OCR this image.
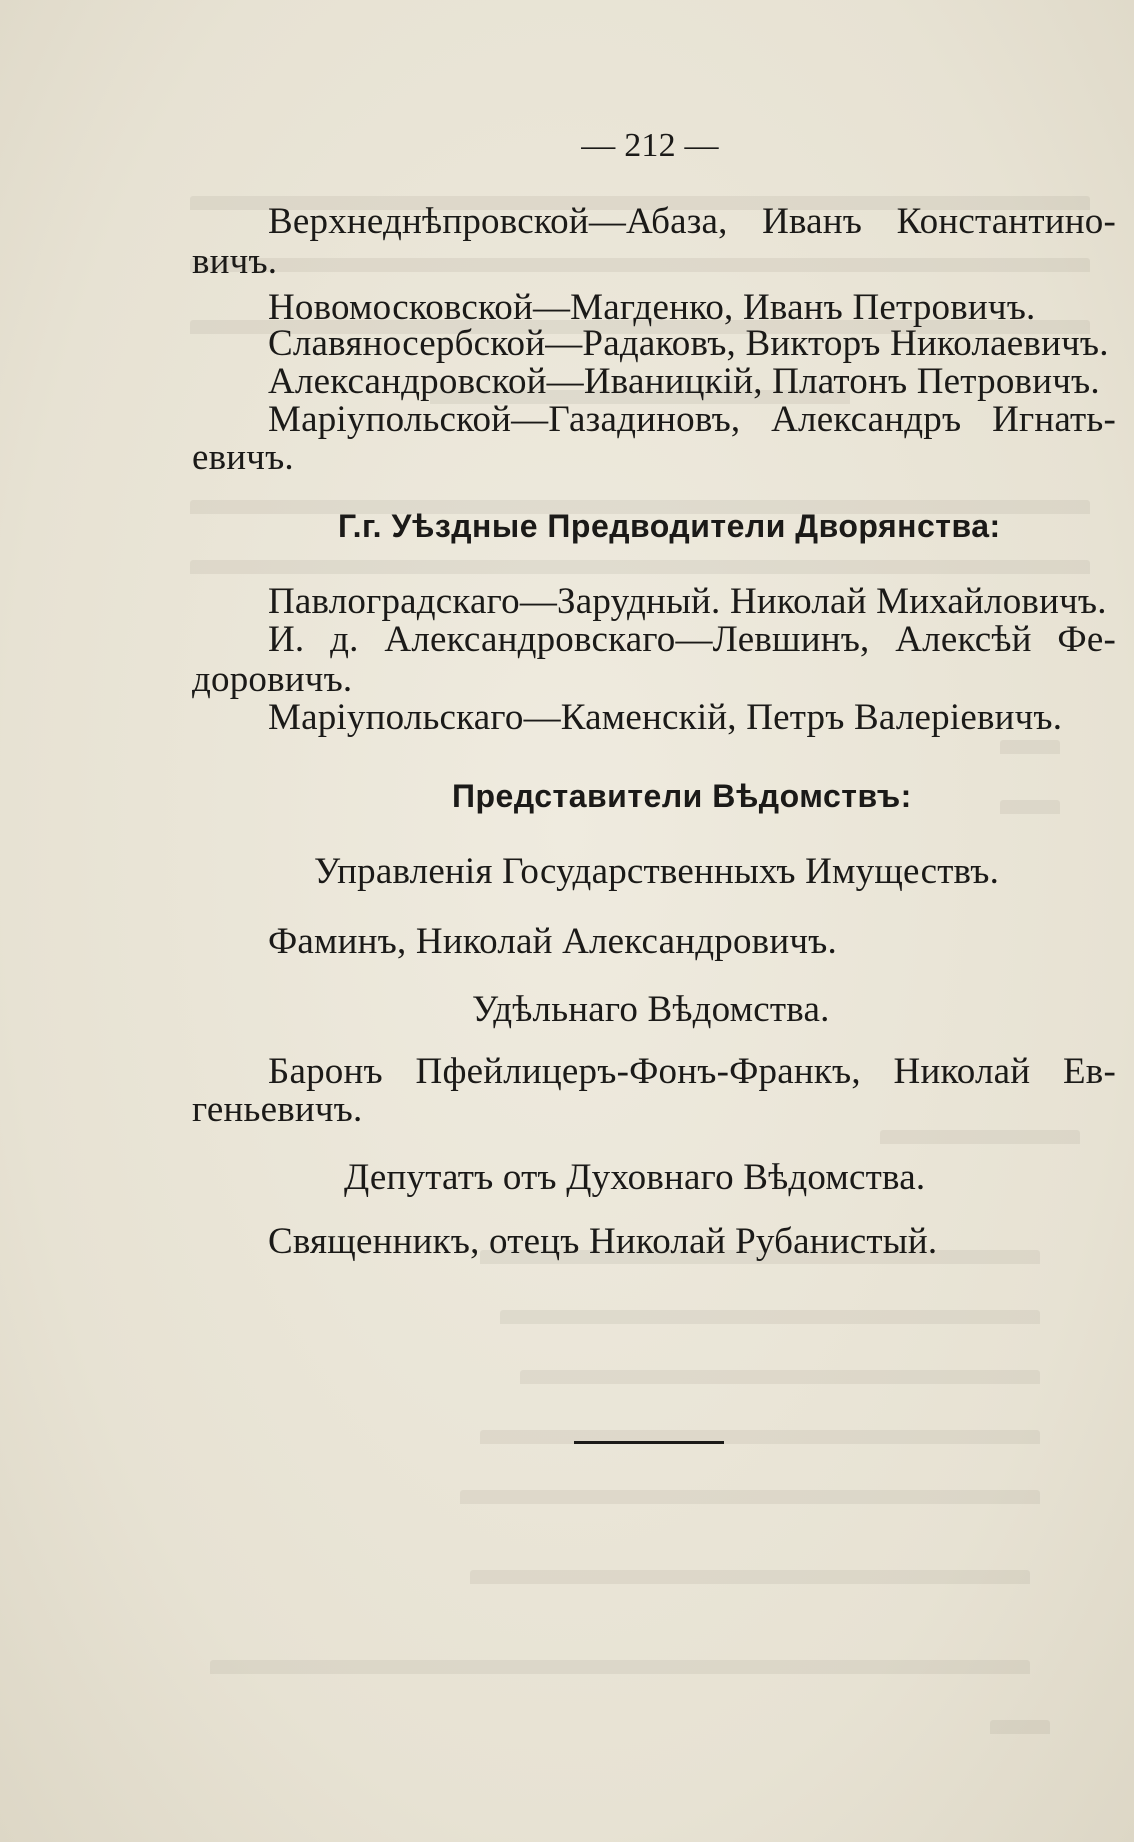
— 212 —
Верхнеднѣпровской—Абаза, Иванъ Константино-
вичъ.
Новомосковской—Магденко, Иванъ Петровичъ.
Славяносербской—Радаковъ, Викторъ Николаевичъ.
Александровской—Иваницкій, Платонъ Петровичъ.
Маріупольской—Газадиновъ, Александръ Игнать-
евичъ.
Г.г. Уѣздные Предводители Дворянства:
Павлоградскаго—Зарудный. Николай Михайловичъ.
И. д. Александровскаго—Левшинъ, Алексѣй Фе-
доровичъ.
Маріупольскаго—Каменскій, Петръ Валеріевичъ.
Представители Вѣдомствъ:
Управленія Государственныхъ Имуществъ.
Фаминъ, Николай Александровичъ.
Удѣльнаго Вѣдомства.
Баронъ Пфейлицеръ-Фонъ-Франкъ, Николай Ев-
геньевичъ.
Депутатъ отъ Духовнаго Вѣдомства.
Священникъ, отецъ Николай Рубанистый.
